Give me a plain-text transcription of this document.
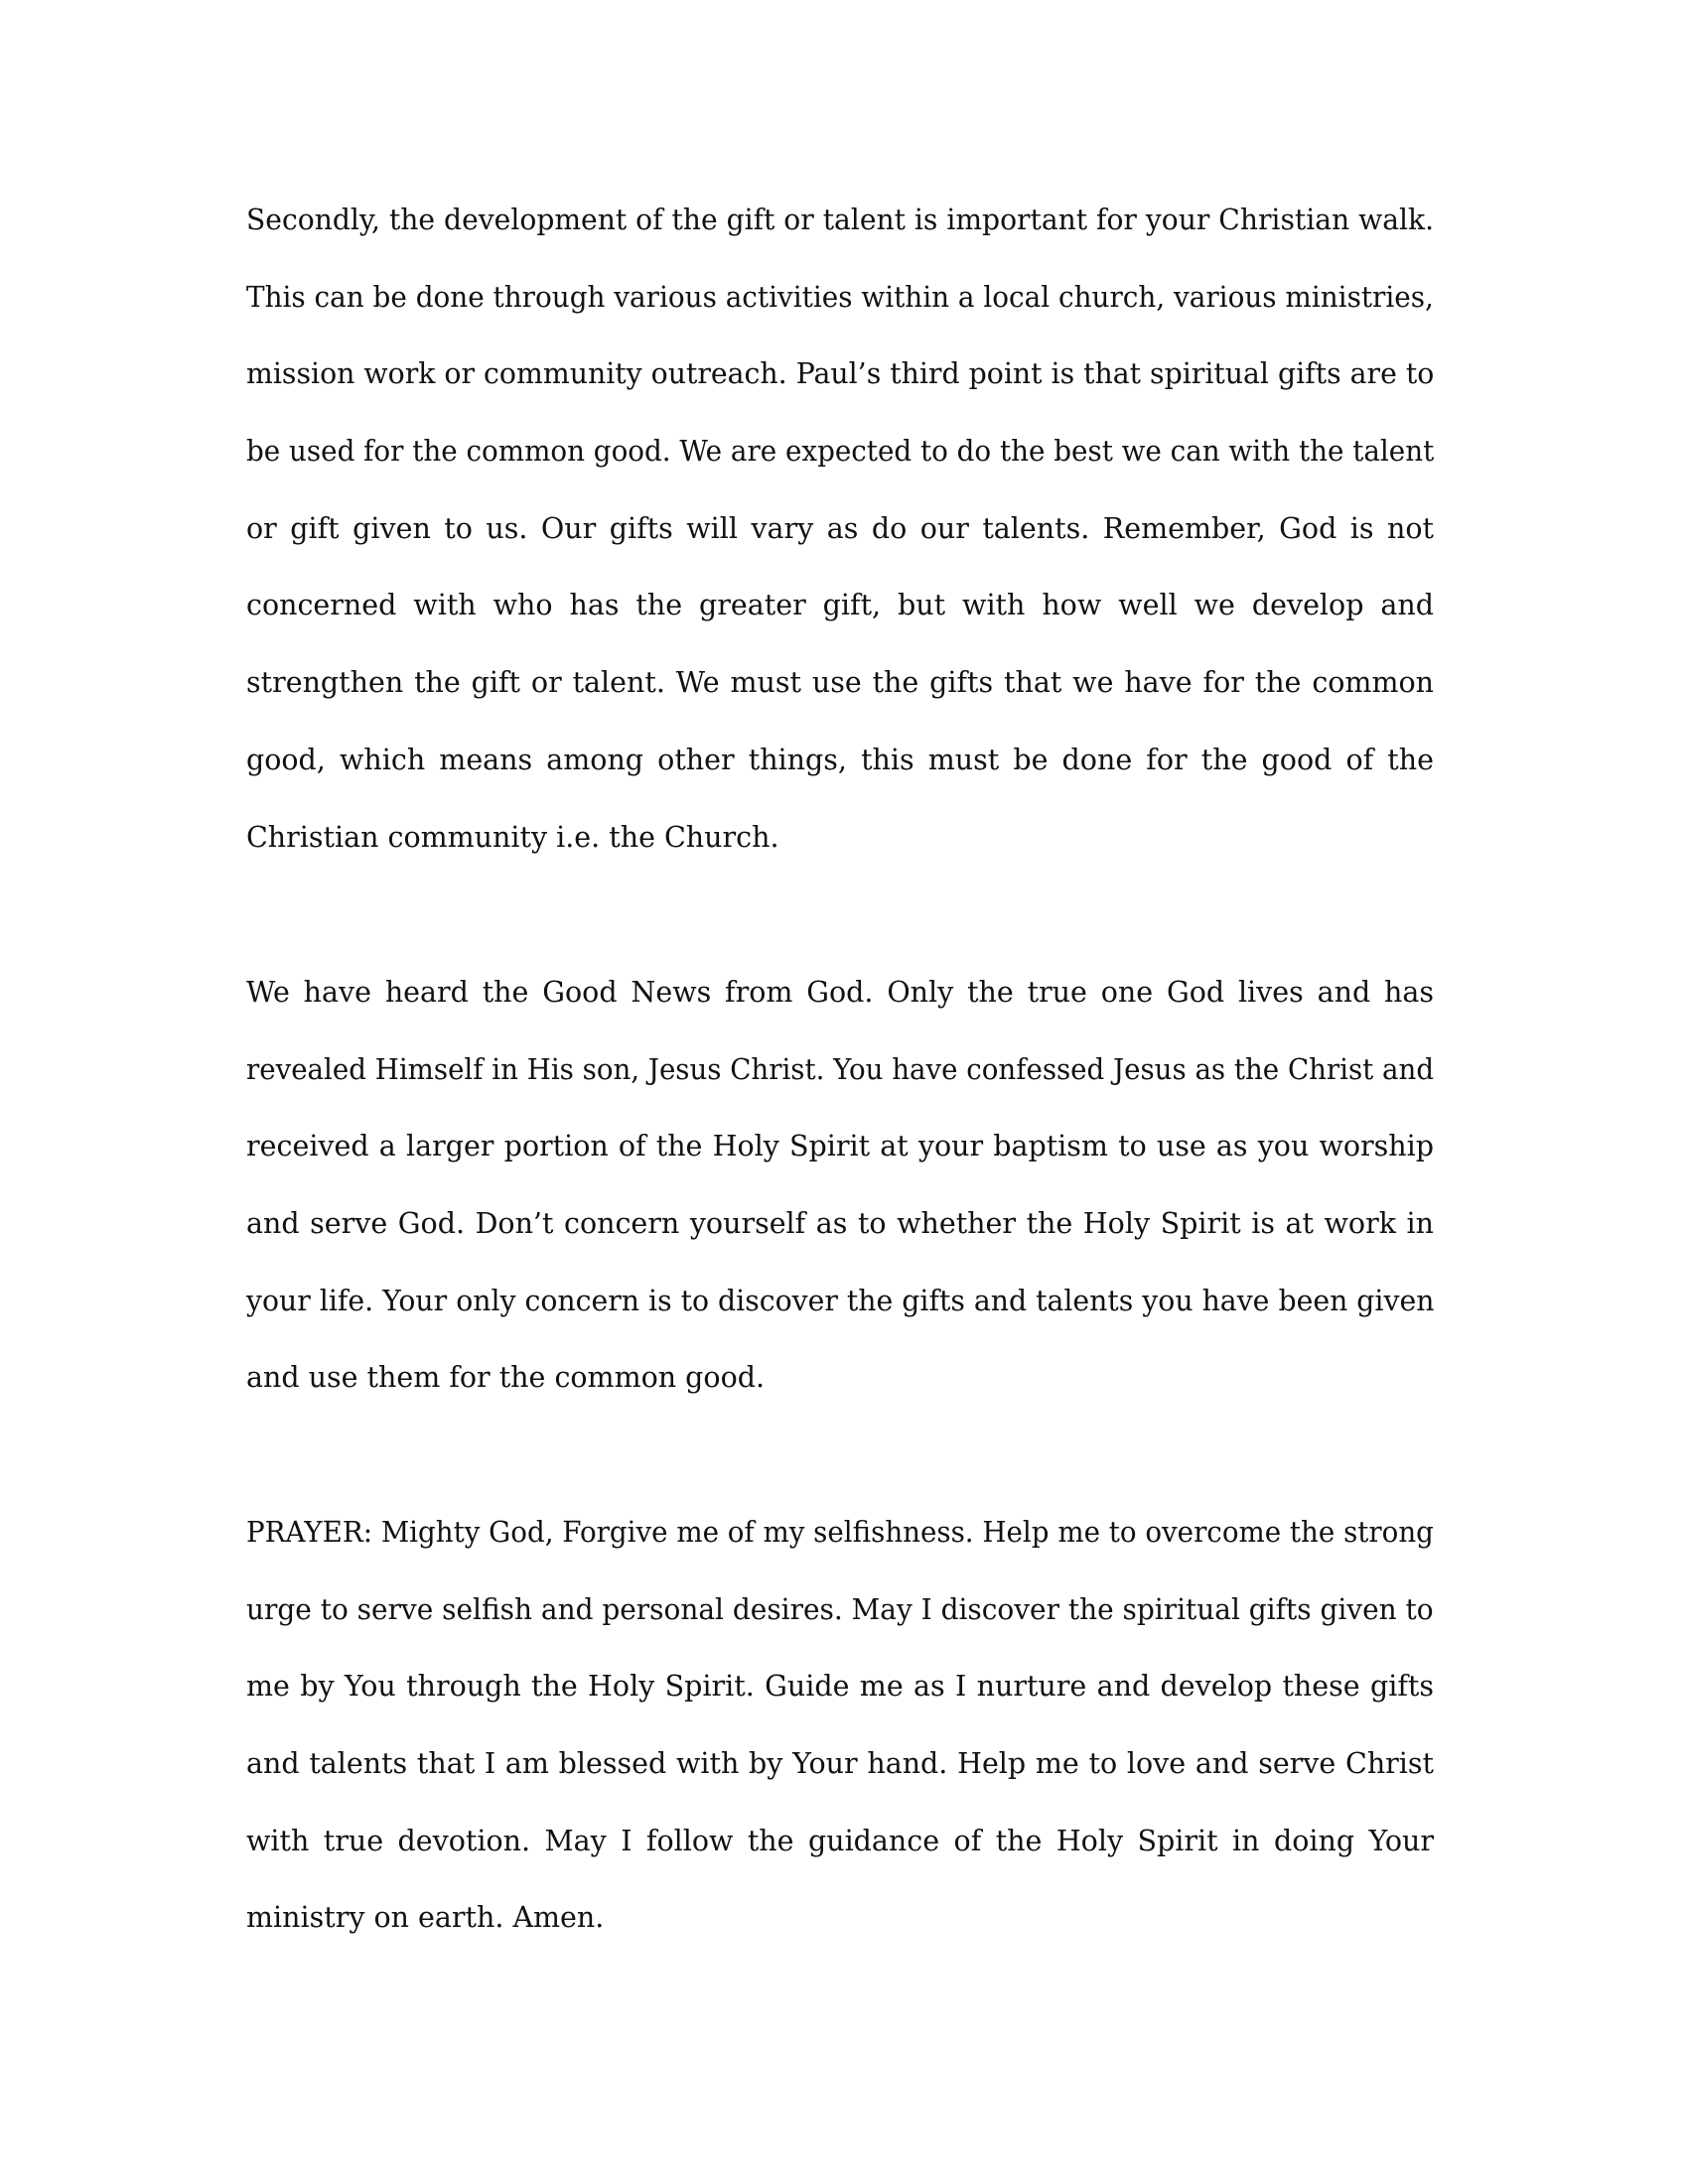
Secondly, the development of the gift or talent is important for your Christian walk.
This can be done through various activities within a local church, various ministries,
mission work or community outreach. Paul’s third point is that spiritual gifts are to
be used for the common good. We are expected to do the best we can with the talent
or gift given to us. Our gifts will vary as do our talents. Remember, God is not
concerned with who has the greater gift, but with how well we develop and
strengthen the gift or talent. We must use the gifts that we have for the common
good, which means among other things, this must be done for the good of the
Christian community i.e. the Church.
We have heard the Good News from God. Only the true one God lives and has
revealed Himself in His son, Jesus Christ. You have confessed Jesus as the Christ and
received a larger portion of the Holy Spirit at your baptism to use as you worship
and serve God. Don’t concern yourself as to whether the Holy Spirit is at work in
your life. Your only concern is to discover the gifts and talents you have been given
and use them for the common good.
PRAYER: Mighty God, Forgive me of my selfishness. Help me to overcome the strong
urge to serve selfish and personal desires. May I discover the spiritual gifts given to
me by You through the Holy Spirit. Guide me as I nurture and develop these gifts
and talents that I am blessed with by Your hand. Help me to love and serve Christ
with true devotion. May I follow the guidance of the Holy Spirit in doing Your
ministry on earth. Amen.
